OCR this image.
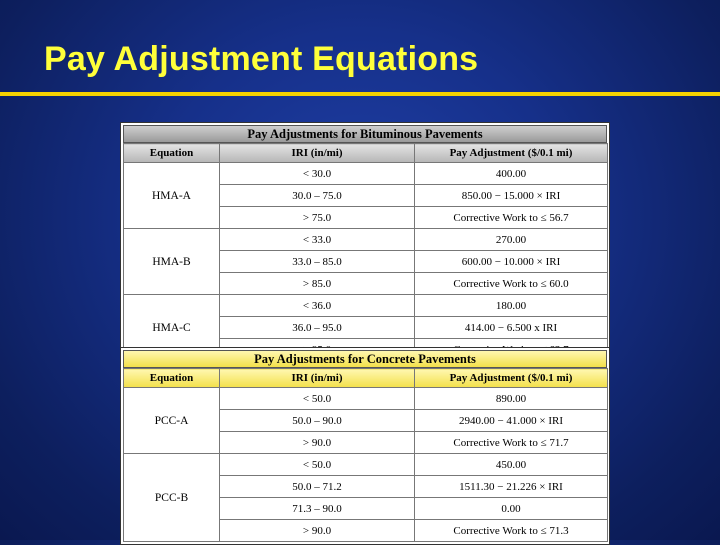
Pay Adjustment Equations
Pay Adjustments for Bituminous Pavements
Equation	IRI (in/mi)	Pay Adjustment ($/0.1 mi)
HMA-A	< 30.0	400.00
	30.0 – 75.0	850.00 − 15.000 × IRI
	> 75.0	Corrective Work to ≤ 56.7
HMA-B	< 33.0	270.00
	33.0 – 85.0	600.00 − 10.000 × IRI
	> 85.0	Corrective Work to ≤ 60.0
HMA-C	< 36.0	180.00
	36.0 – 95.0	414.00 − 6.500 x IRI

Pay Adjustments for Concrete Pavements
Equation	IRI (in/mi)	Pay Adjustment ($/0.1 mi)
PCC-A	< 50.0	890.00
	50.0 – 90.0	2940.00 − 41.000 × IRI
	> 90.0	Corrective Work to ≤ 71.7
PCC-B	< 50.0	450.00
	50.0 – 71.2	1511.30 − 21.226 × IRI
	71.3 – 90.0	0.00
	> 90.0	Corrective Work to ≤ 71.3
